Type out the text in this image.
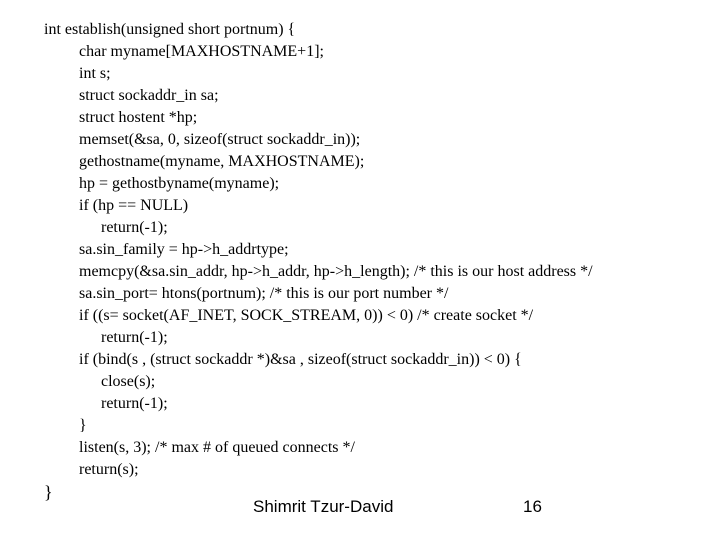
int establish(unsigned short portnum) {
char myname[MAXHOSTNAME+1];
int s;
struct sockaddr_in sa;
struct hostent *hp;
memset(&sa, 0, sizeof(struct sockaddr_in));
gethostname(myname, MAXHOSTNAME);
hp = gethostbyname(myname);
if (hp == NULL)
return(-1);
sa.sin_family = hp->h_addrtype;
memcpy(&sa.sin_addr, hp->h_addr, hp->h_length); /* this is our host address */
sa.sin_port= htons(portnum); /* this is our port number */
if ((s= socket(AF_INET, SOCK_STREAM, 0)) < 0) /* create socket */
return(-1);
if (bind(s , (struct sockaddr *)&sa , sizeof(struct sockaddr_in)) < 0) {
close(s);
return(-1);
}
listen(s, 3); /* max # of queued connects */
return(s);
}
Shimrit Tzur-David	16
